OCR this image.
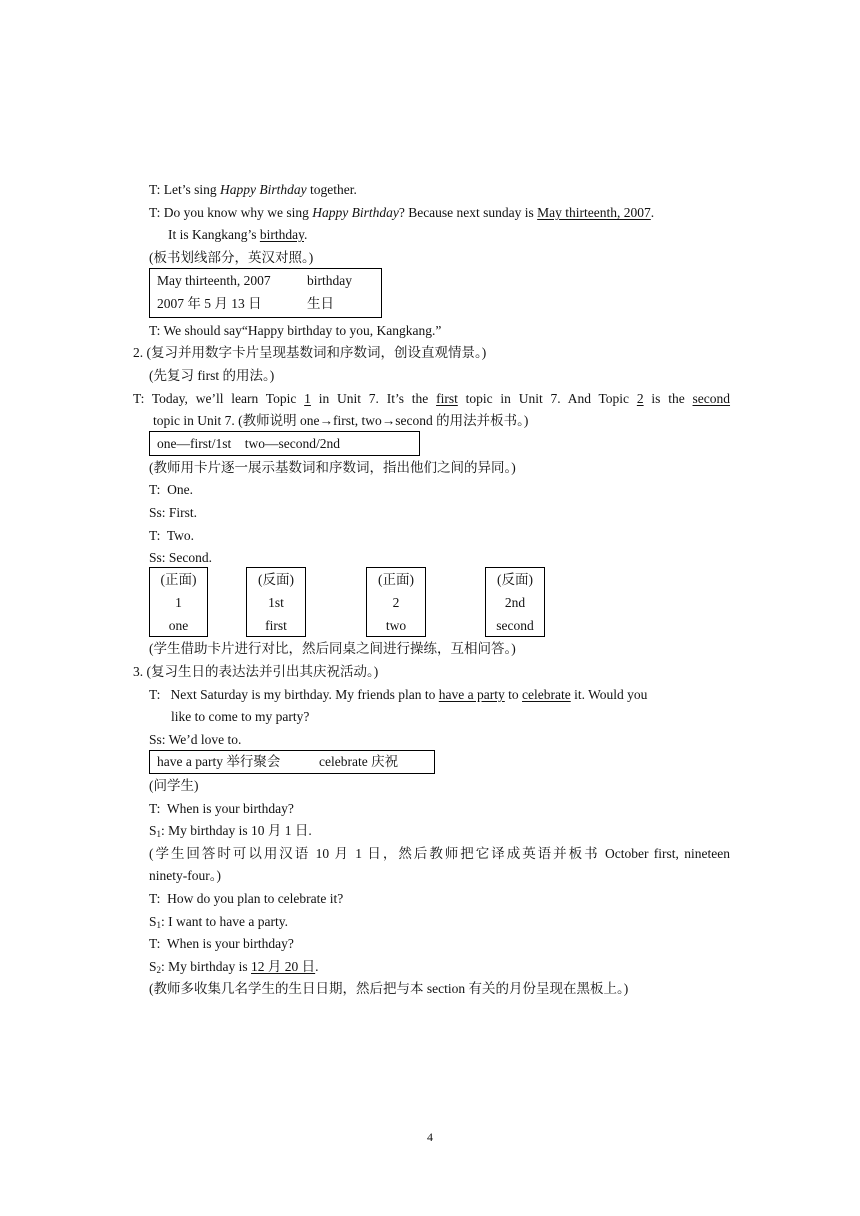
T: Let’s sing Happy Birthday together.
T: Do you know why we sing Happy Birthday? Because next sunday is May thirteenth, 2007.
It is Kangkang’s birthday.
(板书划线部分，英汉对照。)
May thirteenth, 2007	birthday
2007 年 5 月 13 日	生日
T: We should say“Happy birthday to you, Kangkang.”
2. (复习并用数字卡片呈现基数词和序数词，创设直观情景。)
(先复习 first 的用法。)
T: Today, we’ll learn Topic 1 in Unit 7. It’s the first topic in Unit 7. And Topic 2 is the second
topic in Unit 7. (教师说明 one→first, two→second 的用法并板书。)
one—first/1st    two—second/2nd
(教师用卡片逐一展示基数词和序数词，指出他们之间的异同。)
T:  One.
Ss: First.
T:  Two.
Ss: Second.
(正面)
1
one
(反面)
1st
first
(正面)
2
two
(反面)
2nd
second
(学生借助卡片进行对比，然后同桌之间进行操练，互相问答。)
3. (复习生日的表达法并引出其庆祝活动。)
T:   Next Saturday is my birthday. My friends plan to have a party to celebrate it. Would you
like to come to my party?
Ss: We’d love to.
have a party 举行聚会	celebrate 庆祝
(问学生)
T:  When is your birthday?
$S_1$: My birthday is 10 月 1 日.
(学生回答时可以用汉语 10 月 1 日，然后教师把它译成英语并板书 October first, nineteen
ninety-four。)
T:  How do you plan to celebrate it?
$S_1$: I want to have a party.
T:  When is your birthday?
$S_2$: My birthday is 12 月 20 日.
(教师多收集几名学生的生日日期，然后把与本 section 有关的月份呈现在黑板上。)
4
